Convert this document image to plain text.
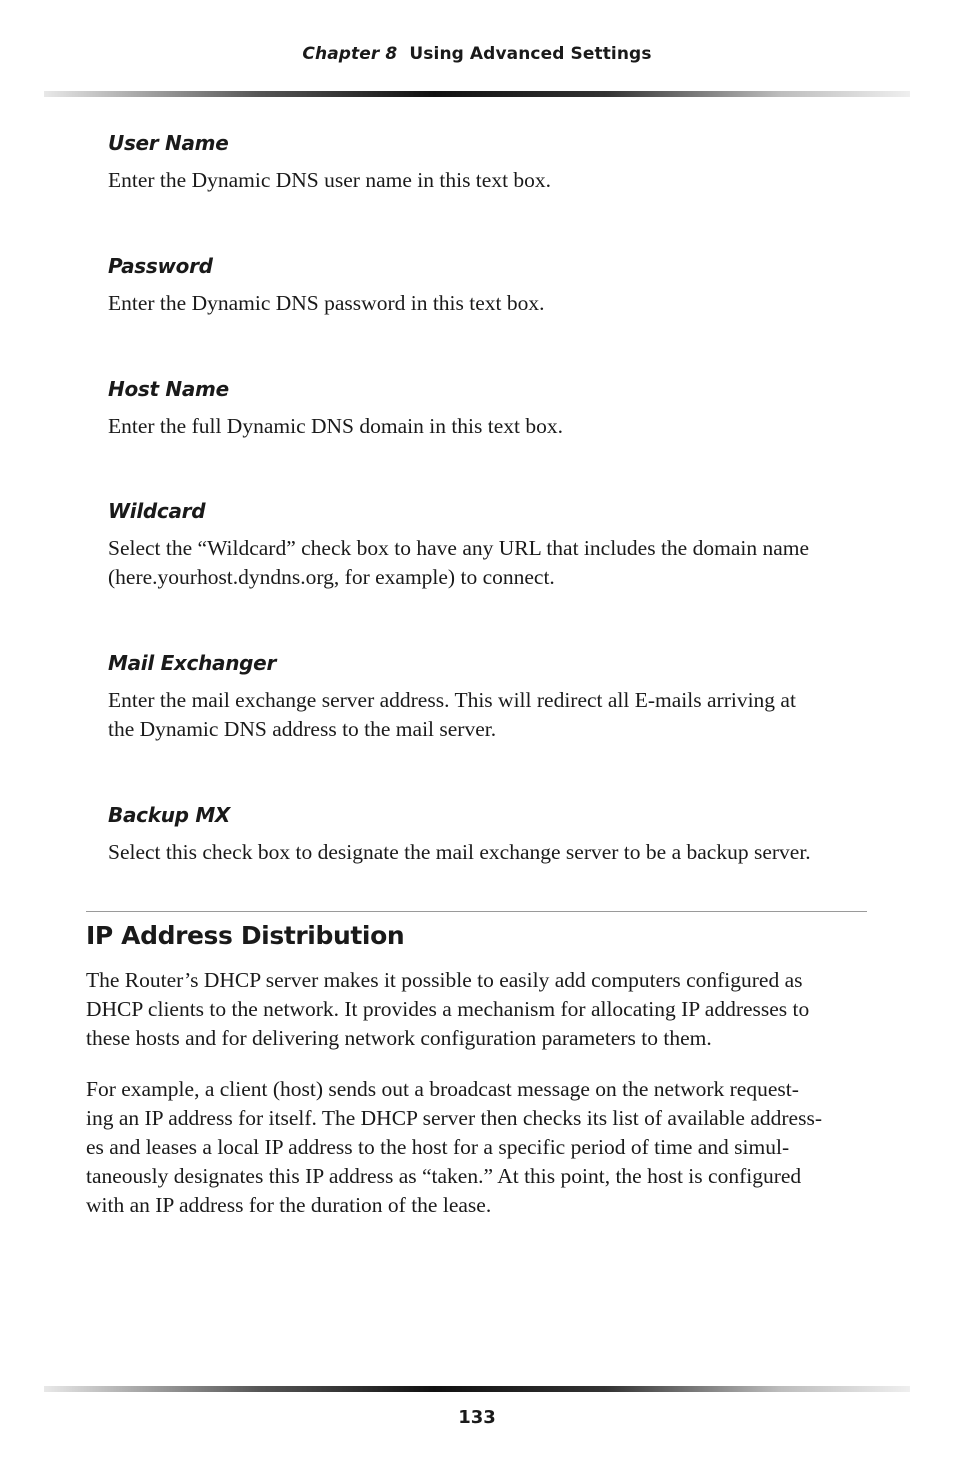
Chapter 8 Using Advanced Settings
User Name

Enter the Dynamic DNS user name in this text box.

Password

Enter the Dynamic DNS password in this text box.

Host Name

Enter the full Dynamic DNS domain in this text box.

Wildcard

Select the “Wildcard” check box to have any URL that includes the domain name
(here.yourhost.dyndns.org, for example) to connect.

Mail Exchanger

Enter the mail exchange server address. This will redirect all E-mails arriving at
the Dynamic DNS address to the mail server.

Backup MX

Select this check box to designate the mail exchange server to be a backup server.

IP Address Distribution

The Router’s DHCP server makes it possible to easily add computers configured as
DHCP clients to the network. It provides a mechanism for allocating IP addresses to
these hosts and for delivering network configuration parameters to them.

For example, a client (host) sends out a broadcast message on the network request-
ing an IP address for itself. The DHCP server then checks its list of available address-
es and leases a local IP address to the host for a specific period of time and simul-
taneously designates this IP address as “taken.” At this point, the host is configured
with an IP address for the duration of the lease.

133
